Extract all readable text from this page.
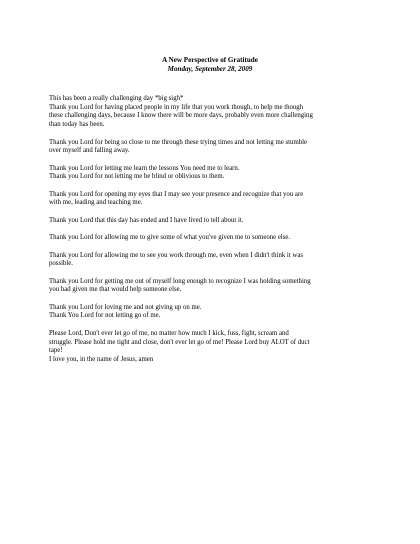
A New Perspective of Gratitude
Monday, September 28, 2009
This has been a really challenging day *big sigh*
Thank you Lord for having placed people in my life that you work though, to help me though
these challenging days, because I know there will be more days, probably even more challenging
than today has been.
Thank you Lord for being so close to me through these trying times and not letting me stumble
over myself and falling away.
Thank you Lord for letting me learn the lessons You need me to learn.
Thank you Lord for not letting me be blind or oblivious to them.
Thank you Lord for opening my eyes that I may see your presence and recognize that you are
with me, leading and teaching me.
Thank you Lord that this day has ended and I have lived to tell about it.
Thank you Lord for allowing me to give some of what you've given me to someone else.
Thank you Lord for allowing me to see you work through me, even when I didn't think it was
possible.
Thank you Lord for getting me out of myself long enough to recognize I was holding something
you had given me that would help someone else.
Thank you Lord for loving me and not giving up on me.
Thank You Lord for not letting go of me.
Please Lord, Don't ever let go of me, no matter how much I kick, fuss, fight, scream and
struggle. Please hold me tight and close, don't ever let go of me! Please Lord buy ALOT of duct
tape!
I love you, in the name of Jesus, amen
